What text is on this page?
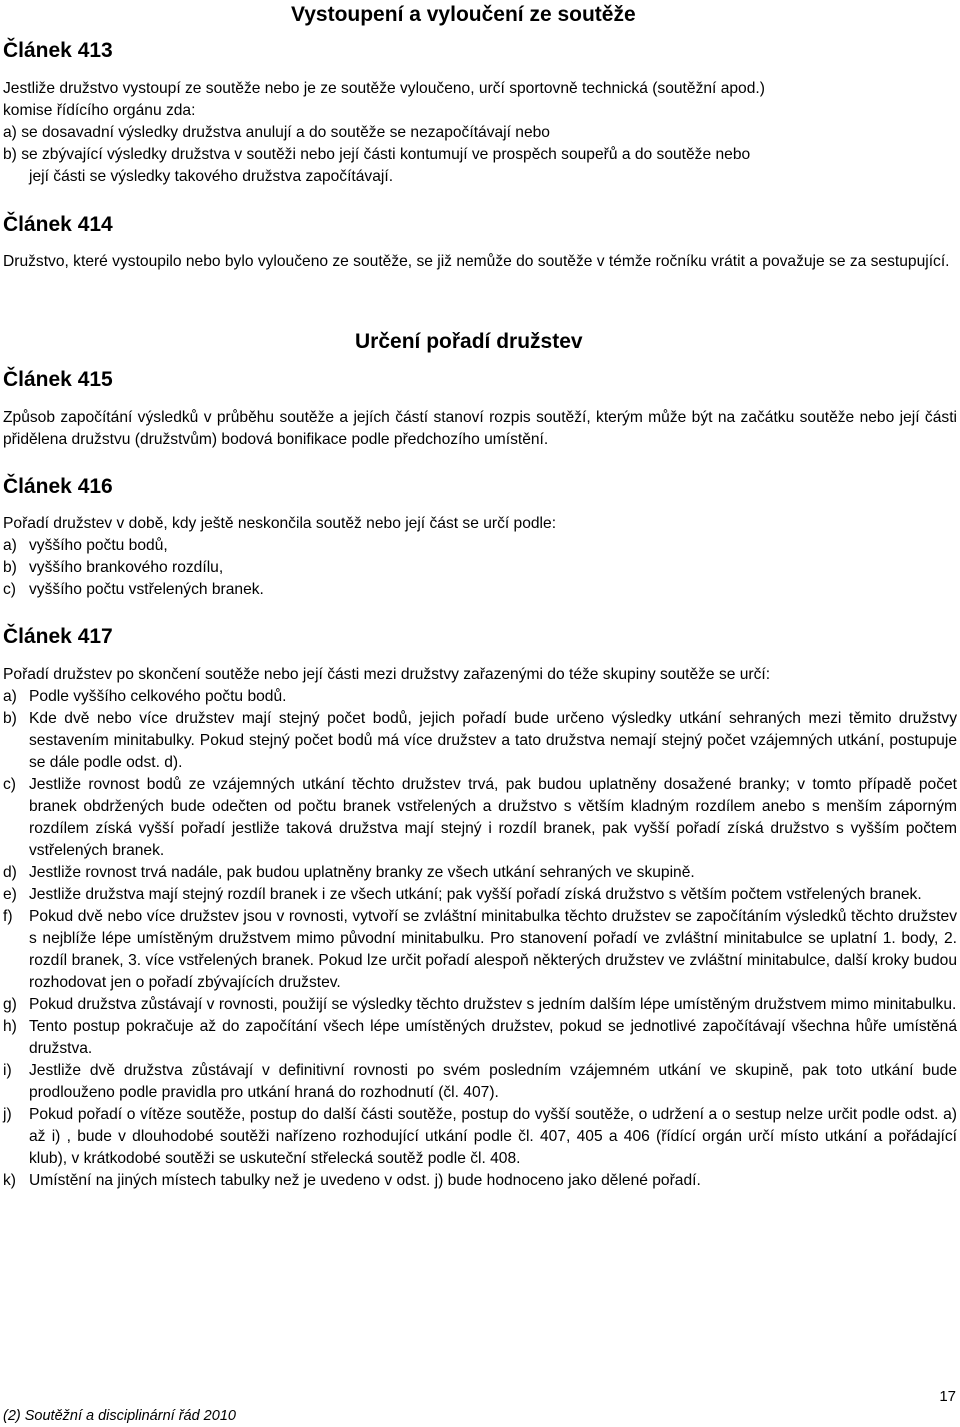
Vystoupení a vyloučení ze soutěže
Článek 413

Jestliže družstvo vystoupí ze soutěže nebo je ze soutěže vyloučeno, určí sportovně technická (soutěžní apod.)

komise řídícího orgánu zda:

a) se dosavadní výsledky družstva anulují a do soutěže se nezapočítávají nebo

b) se zbývající výsledky družstva v soutěži nebo její části kontumují ve prospěch soupeřů a do soutěže nebo

její části se výsledky takového družstva započítávají.

Článek 414
Družstvo, které vystoupilo nebo bylo vyloučeno ze soutěže, se již nemůže do soutěže v témže ročníku vrátit a považuje se za sestupující.
Určení pořadí družstev
Článek 415
Způsob započítání výsledků v průběhu soutěže a jejích částí stanoví rozpis soutěží, kterým může být na začátku soutěže nebo její části přidělena družstvu (družstvům) bodová bonifikace podle předchozího umístění.
Článek 416

Pořadí družstev v době, kdy ještě neskončila soutěž nebo její část se určí podle:

a) vyššího počtu bodů,
b) vyššího brankového rozdílu,
c) vyššího počtu vstřelených branek.
Článek 417

Pořadí družstev po skončení soutěže nebo její části mezi družstvy zařazenými do téže skupiny soutěže se určí:

a) Podle vyššího celkového počtu bodů.
b) Kde dvě nebo více družstev mají stejný počet bodů, jejich pořadí bude určeno výsledky utkání sehraných mezi těmito družstvy sestavením minitabulky. Pokud stejný počet bodů má více družstev a tato družstva nemají stejný počet vzájemných utkání, postupuje se dále podle odst. d).
c) Jestliže rovnost bodů ze vzájemných utkání těchto družstev trvá, pak budou uplatněny dosažené branky; v tomto případě počet branek obdržených bude odečten od počtu branek vstřelených a družstvo s větším kladným rozdílem anebo s menším záporným rozdílem získá vyšší pořadí jestliže taková družstva mají stejný i rozdíl branek, pak vyšší pořadí získá družstvo s vyšším počtem vstřelených branek.
d) Jestliže rovnost trvá nadále, pak budou uplatněny branky ze všech utkání sehraných ve skupině.
e) Jestliže družstva mají stejný rozdíl branek i ze všech utkání; pak vyšší pořadí získá družstvo s větším počtem vstřelených branek.
f)	Pokud dvě nebo více družstev jsou v rovnosti, vytvoří se zvláštní minitabulka těchto družstev se započítáním výsledků těchto družstev s nejblíže lépe umístěným družstvem mimo původní minitabulku. Pro stanovení pořadí ve zvláštní minitabulce se uplatní 1. body, 2. rozdíl branek, 3. více vstřelených branek. Pokud lze určit pořadí alespoň některých družstev ve zvláštní minitabulce, další kroky budou rozhodovat jen o pořadí zbývajících družstev.
g) Pokud družstva zůstávají v rovnosti, použijí se výsledky těchto družstev s jedním dalším lépe umístěným družstvem mimo minitabulku.
h) Tento postup pokračuje až do započítání všech lépe umístěných družstev, pokud se jednotlivé započítávají všechna hůře umístěná družstva.
i)	Jestliže dvě družstva zůstávají v definitivní rovnosti po svém posledním vzájemném utkání ve skupině, pak toto utkání bude prodlouženo podle pravidla pro utkání hraná do rozhodnutí (čl. 407).
j)	Pokud pořadí o vítěze soutěže, postup do další části soutěže, postup do vyšší soutěže, o udržení a o sestup nelze určit podle odst. a) až i) , bude v dlouhodobé soutěži nařízeno rozhodující utkání podle čl. 407, 405 a 406 (řídící orgán určí místo utkání a pořádající klub), v krátkodobé soutěži se uskuteční střelecká soutěž podle čl. 408.
k) Umístění na jiných místech tabulky než je uvedeno v odst. j) bude hodnoceno jako dělené pořadí.
17
(2) Soutěžní a disciplinární řád 2010
